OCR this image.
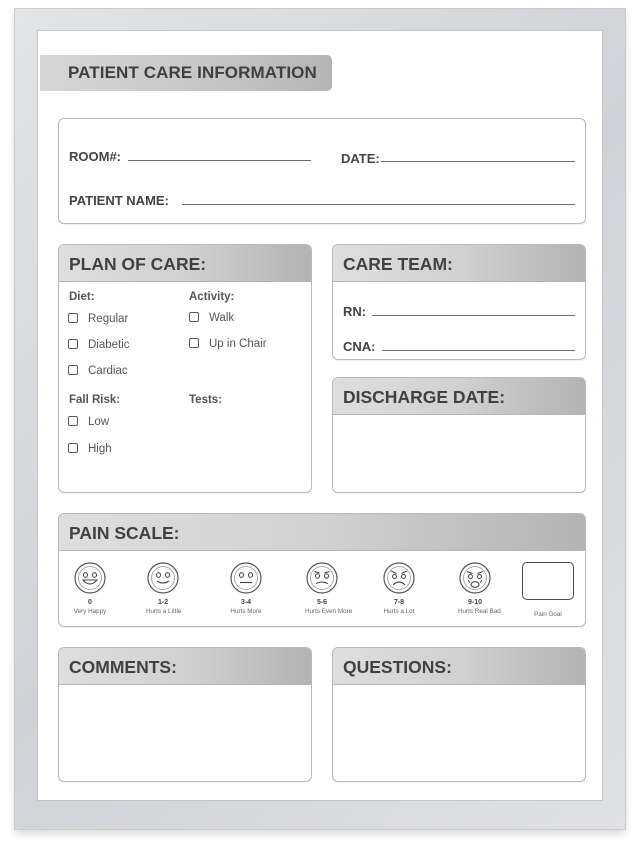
PATIENT CARE INFORMATION
ROOM#:	DATE:
PATIENT NAME:
PLAN OF CARE:
Diet:
Regular
Diabetic
Cardiac
Activity:
Walk
Up in Chair
Fall Risk:
Low
High
Tests:
CARE TEAM:
RN:
CNA:
DISCHARGE DATE:
PAIN SCALE:
0
Very Happy
1-2
Hurts a Little
3-4
Hurts More
5-6
Hurts Even More
7-8
Hurts a Lot
9-10
Hurts Real Bad	Pain Goal
COMMENTS:	QUESTIONS:
